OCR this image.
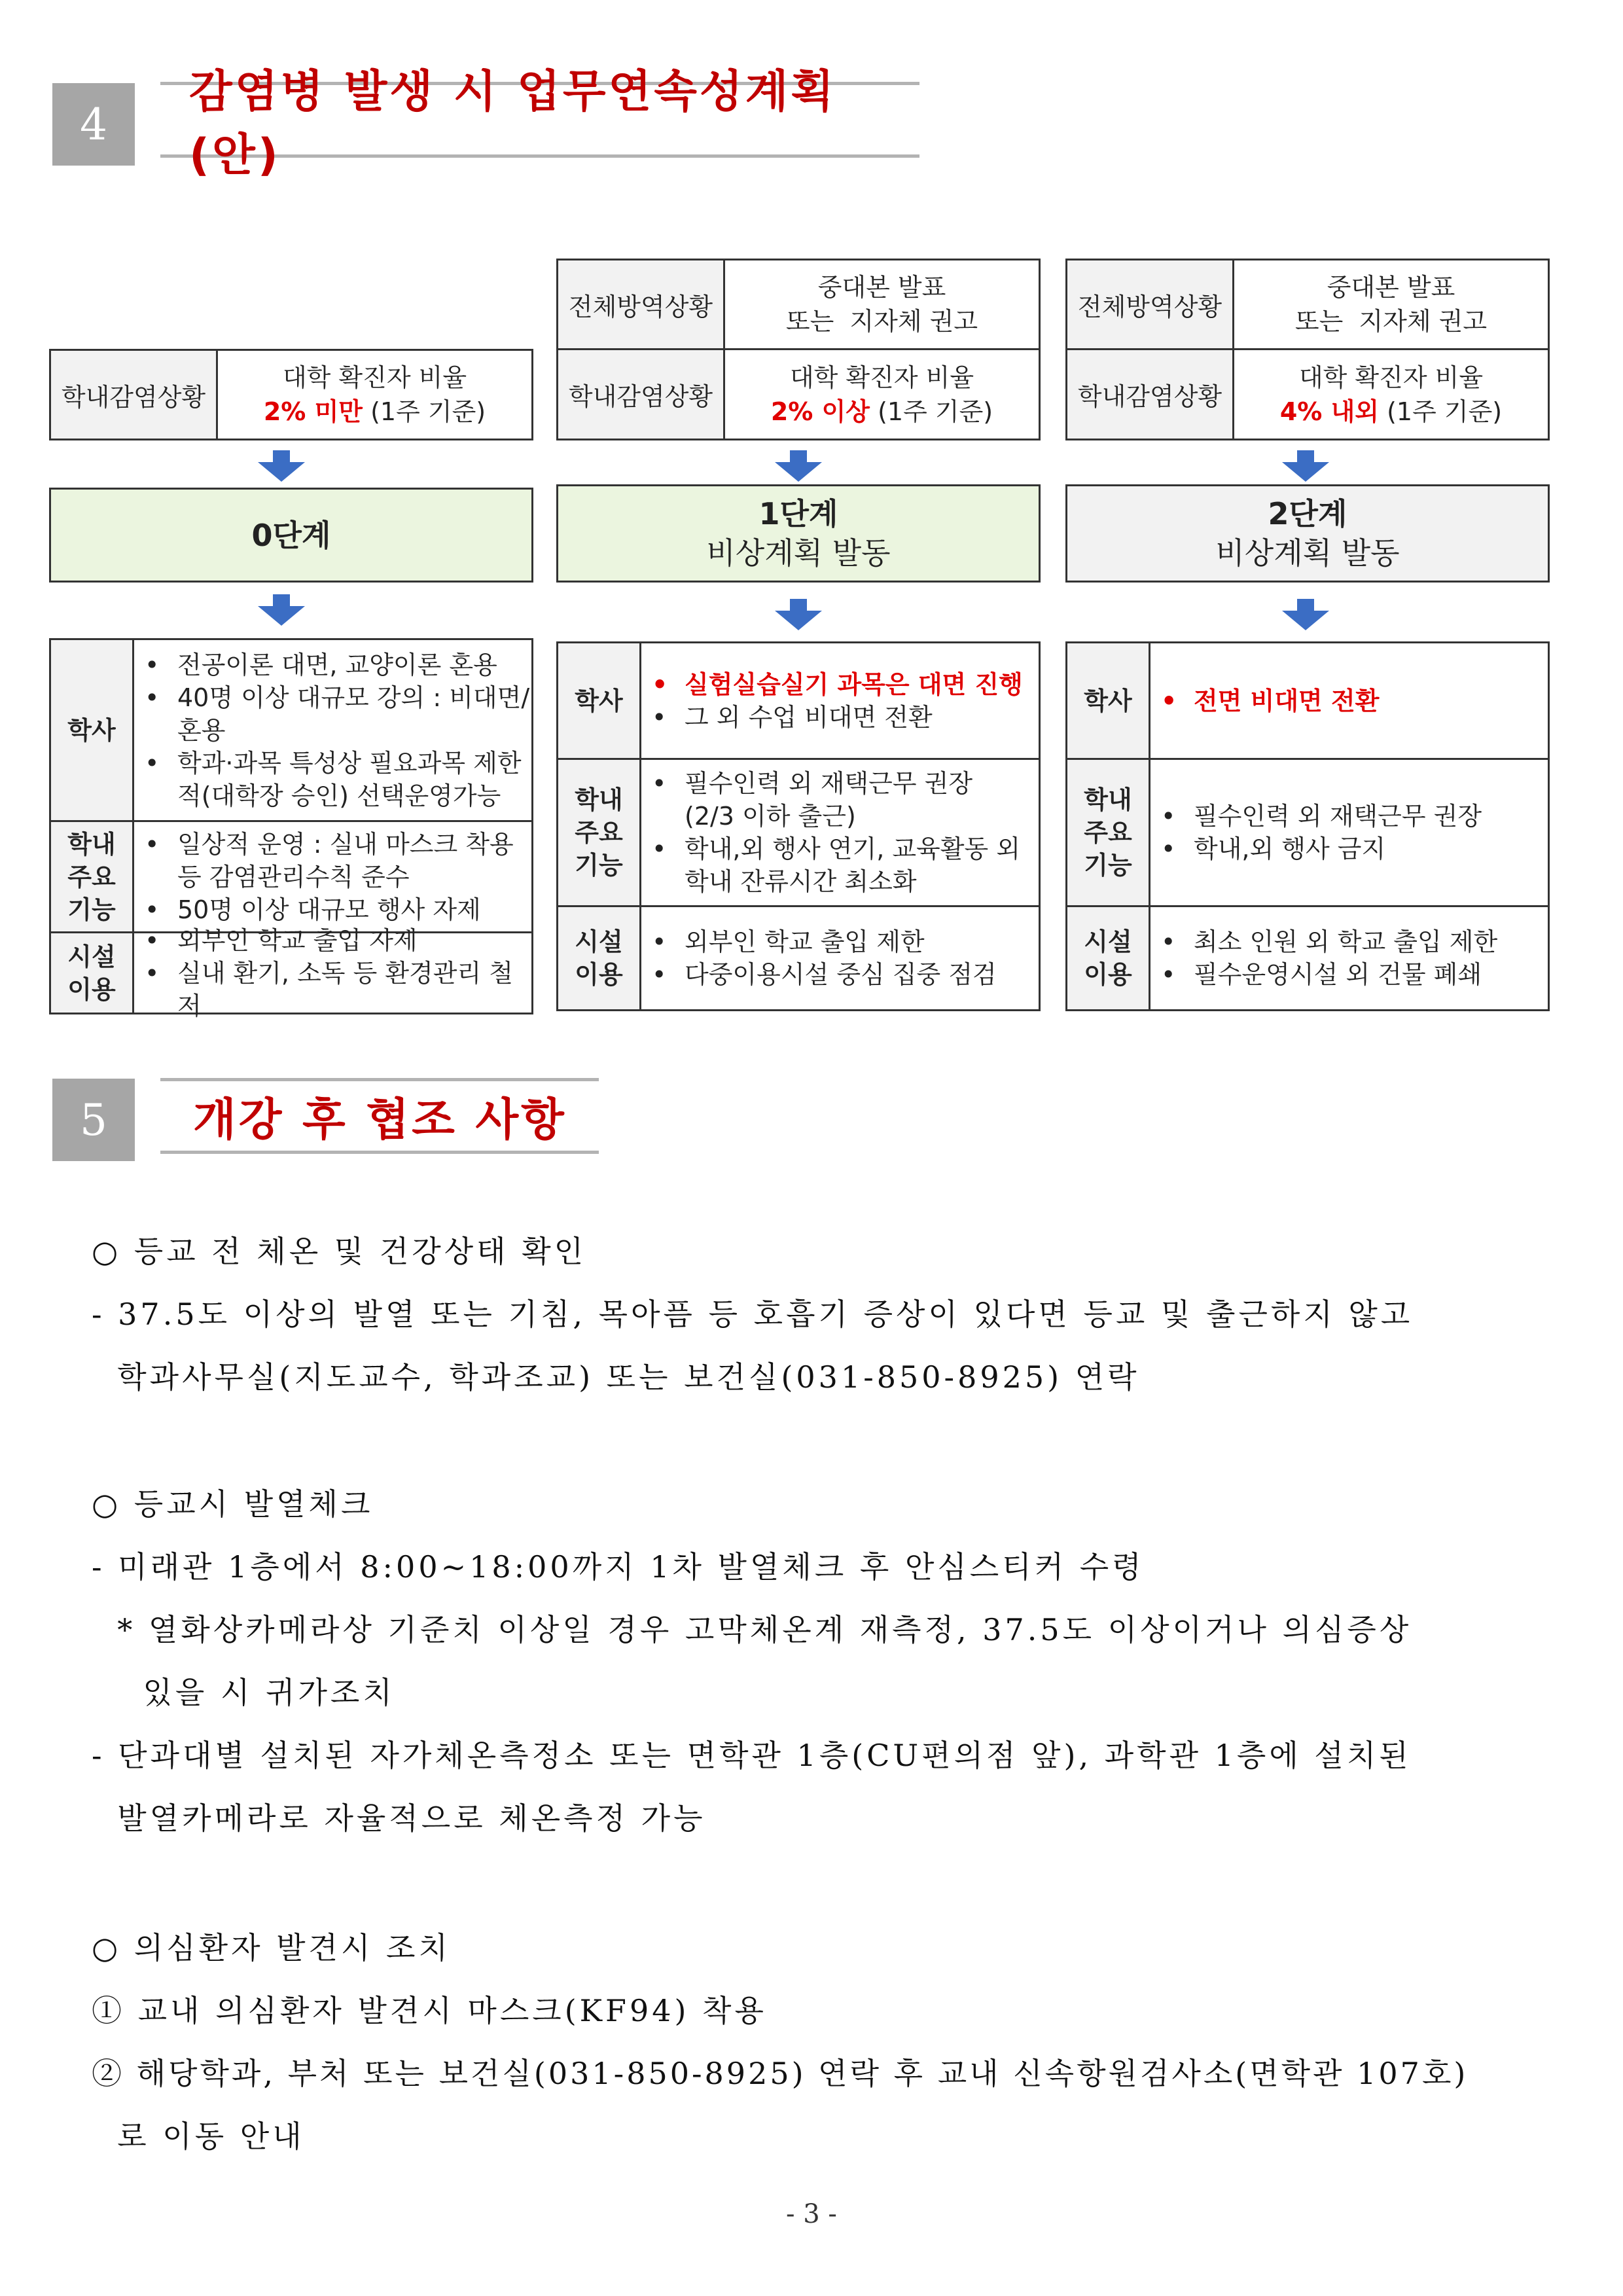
4
감염병 발생 시 업무연속성계획(안)
학내감염상황
대학 확진자 비율
2% 미만 (1주 기준)
0단계
학사
• 전공이론 대면, 교양이론 혼용
• 40명 이상 대규모 강의 : 비대면/
혼용
• 학과·과목 특성상 필요과목 제한
적(대학장 승인) 선택운영가능
학내
주요
기능
• 일상적 운영 : 실내 마스크 착용
등 감염관리수칙 준수
• 50명 이상 대규모 행사 자제
시설
이용
• 외부인 학교 출입 자제
• 실내 환기, 소독 등 환경관리 철저
전체방역상황
중대본 발표
또는  지자체 권고
학내감염상황
대학 확진자 비율
2% 이상 (1주 기준)
1단계
비상계획 발동
학사
• 실험실습실기 과목은 대면 진행
• 그 외 수업 비대면 전환
학내
주요
기능
• 필수인력 외 재택근무 권장
(2/3 이하 출근)
• 학내,외 행사 연기, 교육활동 외
학내 잔류시간 최소화
시설
이용
• 외부인 학교 출입 제한
• 다중이용시설 중심 집중 점검
전체방역상황
중대본 발표
또는  지자체 권고
학내감염상황
대학 확진자 비율
4% 내외 (1주 기준)
2단계
비상계획 발동
학사 • 전면 비대면 전환
학내
주요
기능
• 필수인력 외 재택근무 권장
• 학내,외 행사 금지
시설
이용
• 최소 인원 외 학교 출입 제한
• 필수운영시설 외 건물 폐쇄
5	개강 후 협조 사항
○ 등교 전 체온 및 건강상태 확인
- 37.5도 이상의 발열 또는 기침, 목아픔 등 호흡기 증상이 있다면 등교 및 출근하지 않고
학과사무실(지도교수, 학과조교) 또는 보건실(031-850-8925) 연락
○ 등교시 발열체크
- 미래관 1층에서 8:00~18:00까지 1차 발열체크 후 안심스티커 수령
* 열화상카메라상 기준치 이상일 경우 고막체온계 재측정, 37.5도 이상이거나 의심증상
있을 시 귀가조치
- 단과대별 설치된 자가체온측정소 또는 면학관 1층(CU편의점 앞), 과학관 1층에 설치된
발열카메라로 자율적으로 체온측정 가능
○ 의심환자 발견시 조치
① 교내 의심환자 발견시 마스크(KF94) 착용
② 해당학과, 부처 또는 보건실(031-850-8925) 연락 후 교내 신속항원검사소(면학관 107호)
로 이동 안내
- 3 -
